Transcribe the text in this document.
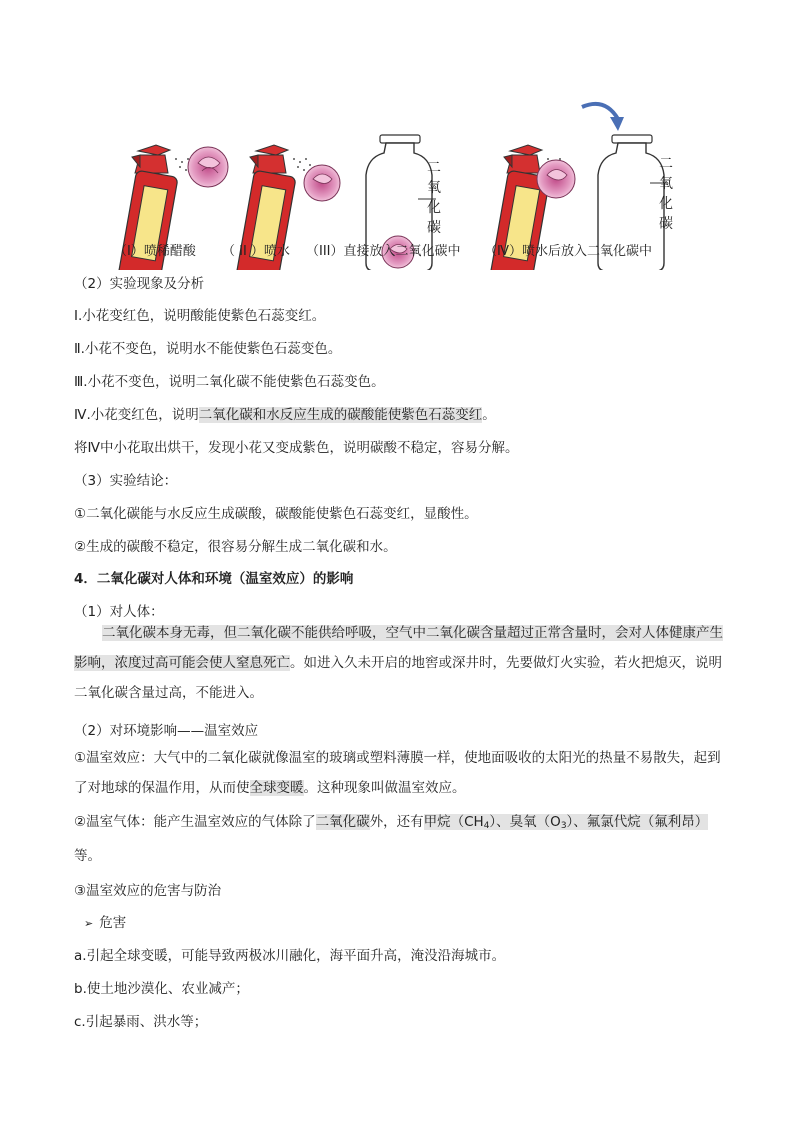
二
氧
化
碳
二
氧
化
碳
（I）喷稀醋酸 （ II ）喷水 （III）直接放入二氧化碳中 （Ⅳ）喷水后放入二氧化碳中
（2）实验现象及分析
Ⅰ.小花变红色，说明酸能使紫色石蕊变红。
Ⅱ.小花不变色，说明水不能使紫色石蕊变色。
Ⅲ.小花不变色，说明二氧化碳不能使紫色石蕊变色。
Ⅳ.小花变红色，说明二氧化碳和水反应生成的碳酸能使紫色石蕊变红。
将Ⅳ中小花取出烘干，发现小花又变成紫色，说明碳酸不稳定，容易分解。
（3）实验结论：
①二氧化碳能与水反应生成碳酸，碳酸能使紫色石蕊变红，显酸性。
②生成的碳酸不稳定，很容易分解生成二氧化碳和水。
4．二氧化碳对人体和环境（温室效应）的影响
（1）对人体：
二氧化碳本身无毒，但二氧化碳不能供给呼吸，空气中二氧化碳含量超过正常含量时，会对人体健康产生影响，浓度过高可能会使人窒息死亡。如进入久未开启的地窖或深井时，先要做灯火实验，若火把熄灭，说明二氧化碳含量过高，不能进入。
（2）对环境影响——温室效应
①温室效应：大气中的二氧化碳就像温室的玻璃或塑料薄膜一样，使地面吸收的太阳光的热量不易散失，起到了对地球的保温作用，从而使全球变暖。这种现象叫做温室效应。
②温室气体：能产生温室效应的气体除了二氧化碳外，还有甲烷$(CH_4)$、臭氧$(O_3)$、氟氯代烷（氟利昂）等。
③温室效应的危害与防治
➢ 危害
a.引起全球变暖，可能导致两极冰川融化，海平面升高，淹没沿海城市。
b.使土地沙漠化、农业减产；
c.引起暴雨、洪水等；
